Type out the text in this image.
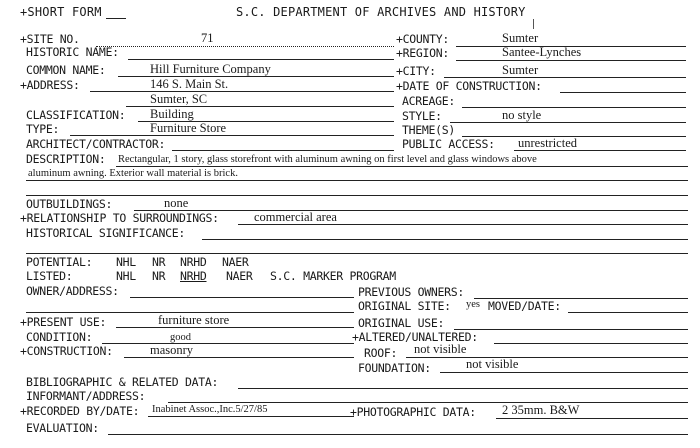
+SHORT FORM	S.C. DEPARTMENT OF ARCHIVES AND HISTORY
+SITE NO.	71	+COUNTY:	Sumter
HISTORIC NAME:	+REGION:	Santee-Lynches
COMMON NAME:	Hill Furniture Company	+CITY:	Sumter
+ADDRESS:	146 S. Main St.	+DATE OF CONSTRUCTION:
Sumter, SC	ACREAGE:
CLASSIFICATION: Building	STYLE:	no style
TYPE:	Furniture Store	THEME(S)
ARCHITECT/CONTRACTOR:	PUBLIC ACCESS: unrestricted
DESCRIPTION: Rectangular, 1 story, glass storefront with aluminum awning on first level and glass windows above
aluminum awning. Exterior wall material is brick.
OUTBUILDINGS:	none
+RELATIONSHIP TO SURROUNDINGS:	commercial area
HISTORICAL SIGNIFICANCE:
POTENTIAL: NHL NR NRHD NAER
LISTED:	NHL NR NRHD NAER S.C. MARKER PROGRAM
OWNER/ADDRESS:	PREVIOUS OWNERS:
ORIGINAL SITE: yes MOVED/DATE:
+PRESENT USE:	furniture store	ORIGINAL USE:
CONDITION:	good	+ALTERED/UNALTERED:
+CONSTRUCTION:	masonry	ROOF: not visible
FOUNDATION:	not visible
BIBLIOGRAPHIC & RELATED DATA:
INFORMANT/ADDRESS:
+RECORDED BY/DATE: Inabinet Assoc.,Inc.5/27/85	+PHOTOGRAPHIC DATA: 2 35mm. B&W
EVALUATION:
